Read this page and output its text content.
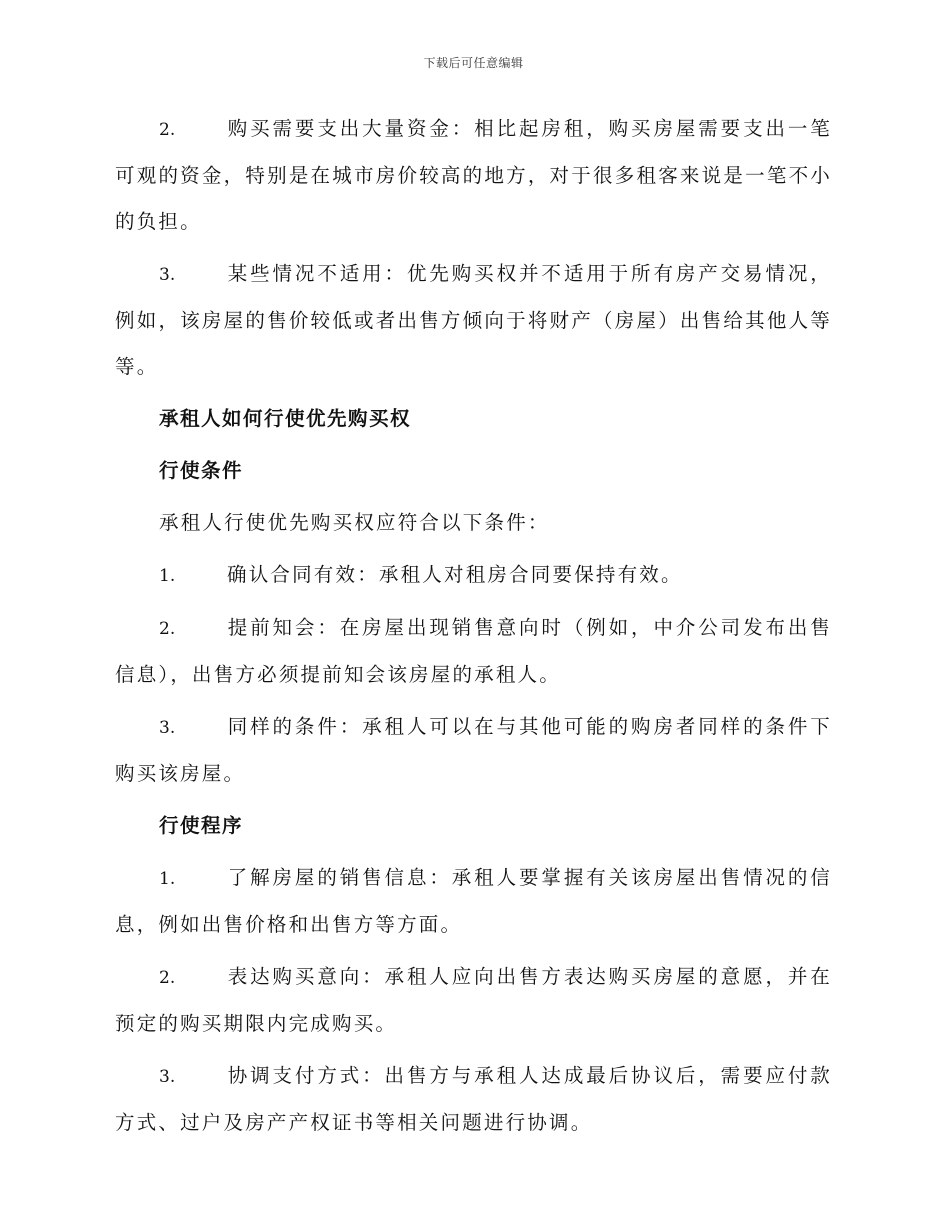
下载后可任意编辑

2.	购买需要支出大量资金：相比起房租，购买房屋需要支出一笔可观的资金，特别是在城市房价较高的地方，对于很多租客来说是一笔不小的负担。

3.	某些情况不适用：优先购买权并不适用于所有房产交易情况，例如，该房屋的售价较低或者出售方倾向于将财产（房屋）出售给其他人等等。

承租人如何行使优先购买权

行使条件

承租人行使优先购买权应符合以下条件：

1.	确认合同有效：承租人对租房合同要保持有效。

2.	提前知会：在房屋出现销售意向时（例如，中介公司发布出售信息），出售方必须提前知会该房屋的承租人。

3.	同样的条件：承租人可以在与其他可能的购房者同样的条件下购买该房屋。

行使程序

1.	了解房屋的销售信息：承租人要掌握有关该房屋出售情况的信息，例如出售价格和出售方等方面。

2.	表达购买意向：承租人应向出售方表达购买房屋的意愿，并在预定的购买期限内完成购买。

3.	协调支付方式：出售方与承租人达成最后协议后，需要应付款方式、过户及房产产权证书等相关问题进行协调。
